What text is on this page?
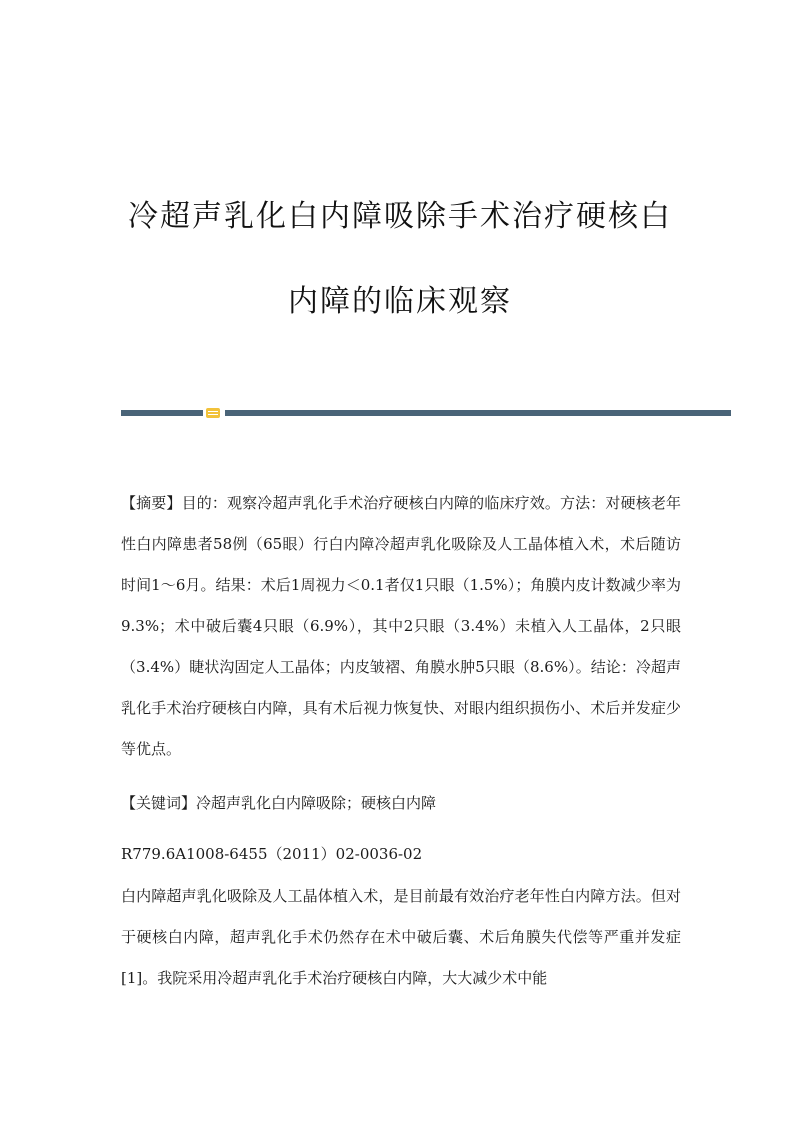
冷超声乳化白内障吸除手术治疗硬核白
内障的临床观察

【摘要】目的：观察冷超声乳化手术治疗硬核白内障的临床疗效。方法：对硬核老年性白内障患者58例（65眼）行白内障冷超声乳化吸除及人工晶体植入术，术后随访时间1～6月。结果：术后1周视力＜0.1者仅1只眼（1.5%）；角膜内皮计数减少率为9.3%；术中破后囊4只眼（6.9%），其中2只眼（3.4%）未植入人工晶体，2只眼（3.4%）睫状沟固定人工晶体；内皮皱褶、角膜水肿5只眼（8.6%）。结论：冷超声乳化手术治疗硬核白内障，具有术后视力恢复快、对眼内组织损伤小、术后并发症少等优点。

【关键词】冷超声乳化白内障吸除；硬核白内障

R779.6A1008-6455（2011）02-0036-02

白内障超声乳化吸除及人工晶体植入术，是目前最有效治疗老年性白内障方法。但对于硬核白内障，超声乳化手术仍然存在术中破后囊、术后角膜失代偿等严重并发症[1]。我院采用冷超声乳化手术治疗硬核白内障，大大减少术中能
